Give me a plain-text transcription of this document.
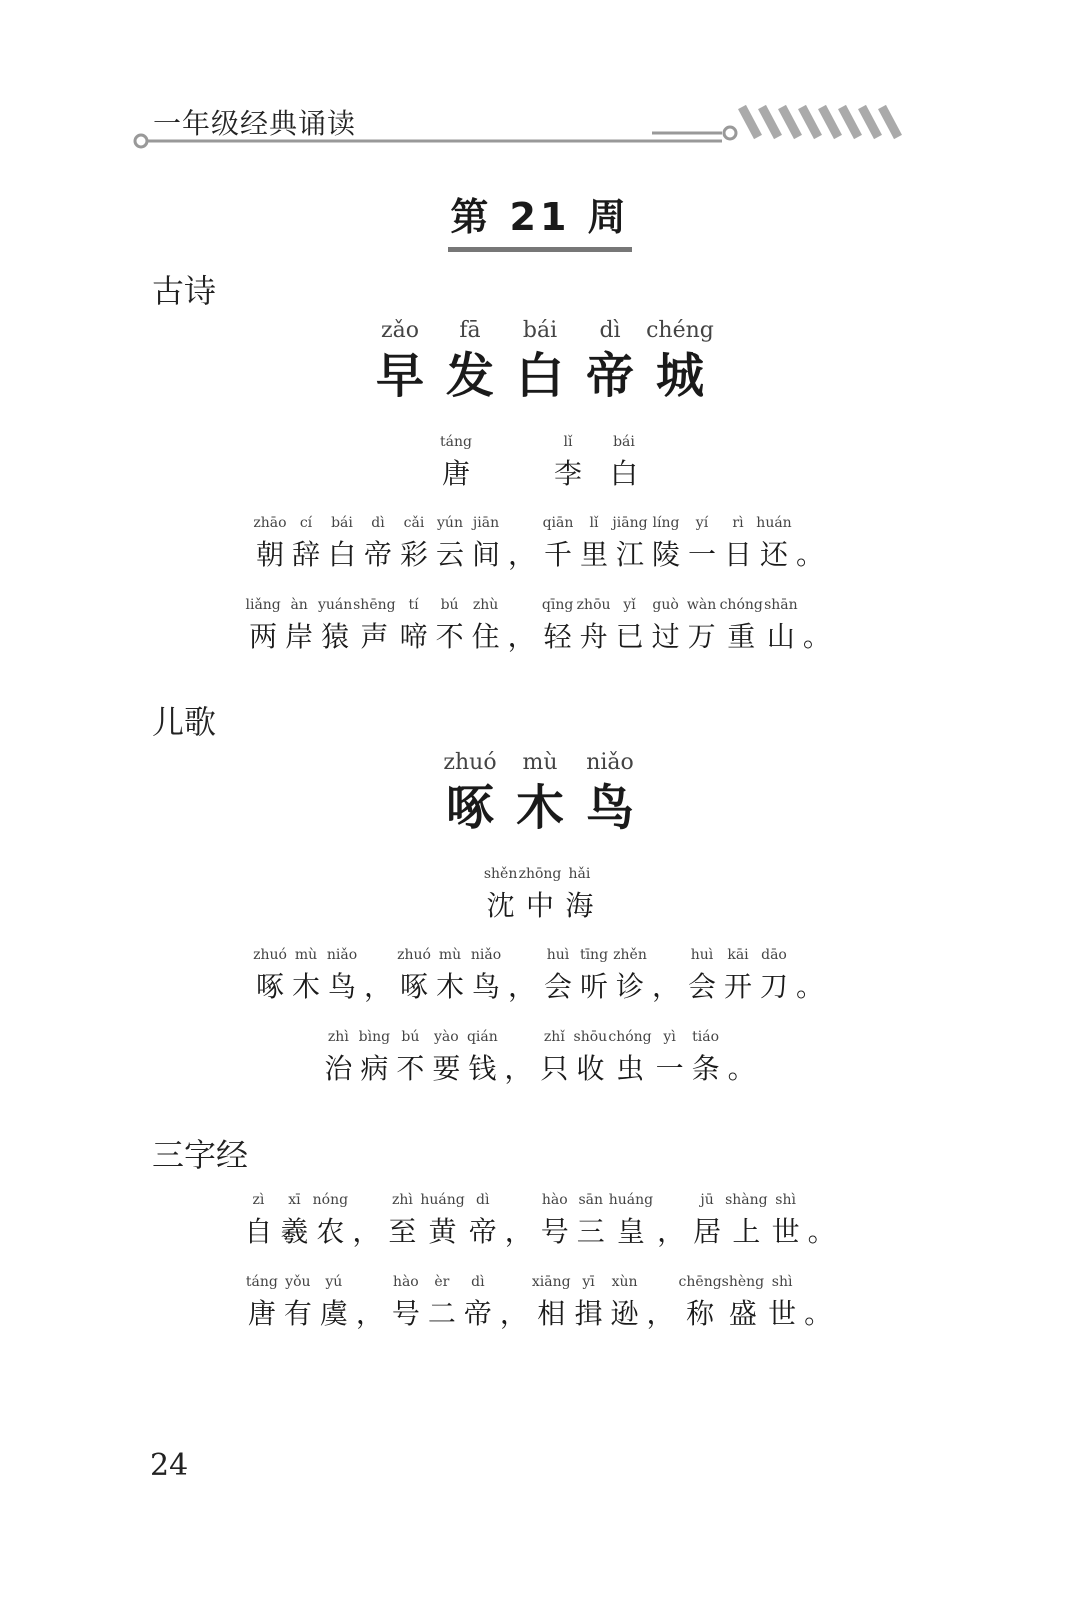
一年级经典诵读
第 21 周
古诗
儿歌
三字经
zǎo
早
fā
发
bái
白
dì
帝
chéng
城
táng
唐
lǐ
李
bái
白
zhāo
朝
cí
辞
bái
白
dì
帝
cǎi
彩
yún
云
jiān
间 ，
qiān
千
lǐ
里
jiāng
江
líng
陵
yí
一
rì
日
huán
还 。
liǎng
两
àn
岸
yuán
猿
shēng
声
tí
啼
bú
不
zhù
住 ，
qīng
轻
zhōu
舟
yǐ
已
guò
过
wàn
万
chóng
重
shān
山 。
zhuó
啄
mù
木
niǎo
鸟
shěn
沈
zhōng
中
hǎi
海
zhuó
啄
mù
木
niǎo
鸟 ，
zhuó
啄
mù
木
niǎo
鸟 ，
huì
会
tīng
听
zhěn
诊 ，
huì
会
kāi
开
dāo
刀 。
zhì
治
bìng
病
bú
不
yào
要
qián
钱 ，
zhǐ
只
shōu
收
chóng
虫
yì
一
tiáo
条 。
zì
自
xī
羲
nóng
农 ，
zhì
至
huáng
黄
dì
帝 ，
hào
号
sān
三
huáng
皇 ，
jū
居
shàng
上
shì
世 。
táng
唐
yǒu
有
yú
虞 ，
hào
号
èr
二
dì
帝 ，
xiāng
相
yī
揖
xùn
逊 ，
chēng
称
shèng
盛
shì
世 。
24
